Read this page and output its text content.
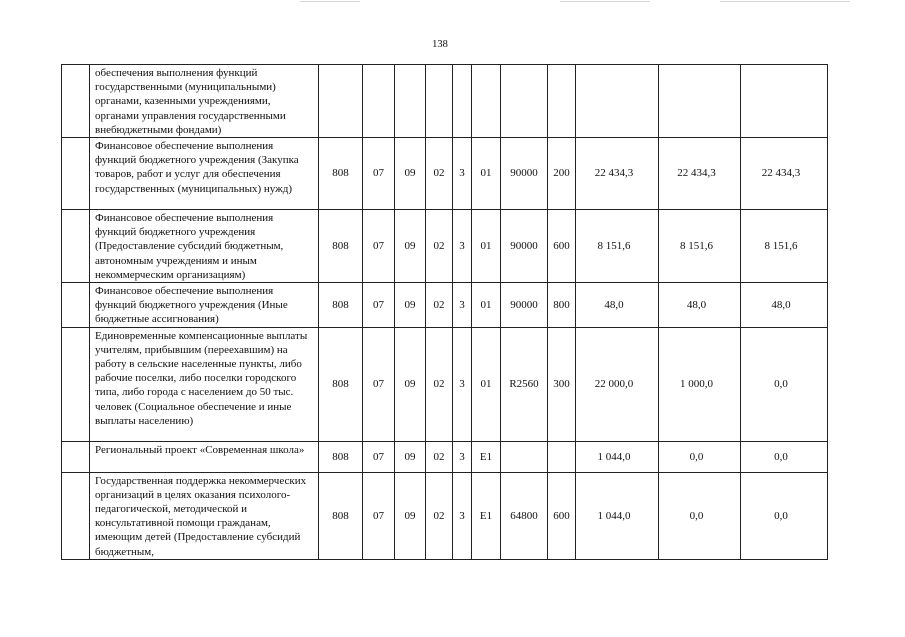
138
	обеспечения выполнения функций государственными (муниципальными) органами, казенными учреждениями, органами управления государственными внебюджетными фондами)											
	Финансовое обеспечение выполнения функций бюджетного учреждения (Закупка товаров, работ и услуг для обеспечения государственных (муниципальных) нужд)	808	07	09	02	3	01	90000	200	22 434,3	22 434,3	22 434,3
	Финансовое обеспечение выполнения функций бюджетного учреждения (Предоставление субсидий бюджетным, автономным учреждениям и иным некоммерческим организациям)	808	07	09	02	3	01	90000	600	8 151,6	8 151,6	8 151,6
	Финансовое обеспечение выполнения функций бюджетного учреждения (Иные бюджетные ассигнования)	808	07	09	02	3	01	90000	800	48,0	48,0	48,0
	Единовременные компенсационные выплаты учителям, прибывшим (переехавшим) на работу в сельские населенные пункты, либо рабочие поселки, либо поселки городского типа, либо города с населением до 50 тыс. человек (Социальное обеспечение и иные выплаты населению)	808	07	09	02	3	01	R2560	300	22 000,0	1 000,0	0,0
	Региональный проект «Современная школа»	808	07	09	02	3	E1			1 044,0	0,0	0,0
	Государственная поддержка некоммерческих организаций в целях оказания психолого-педагогической, методической и консультативной помощи гражданам, имеющим детей (Предоставление субсидий бюджетным,	808	07	09	02	3	E1	64800	600	1 044,0	0,0	0,0
